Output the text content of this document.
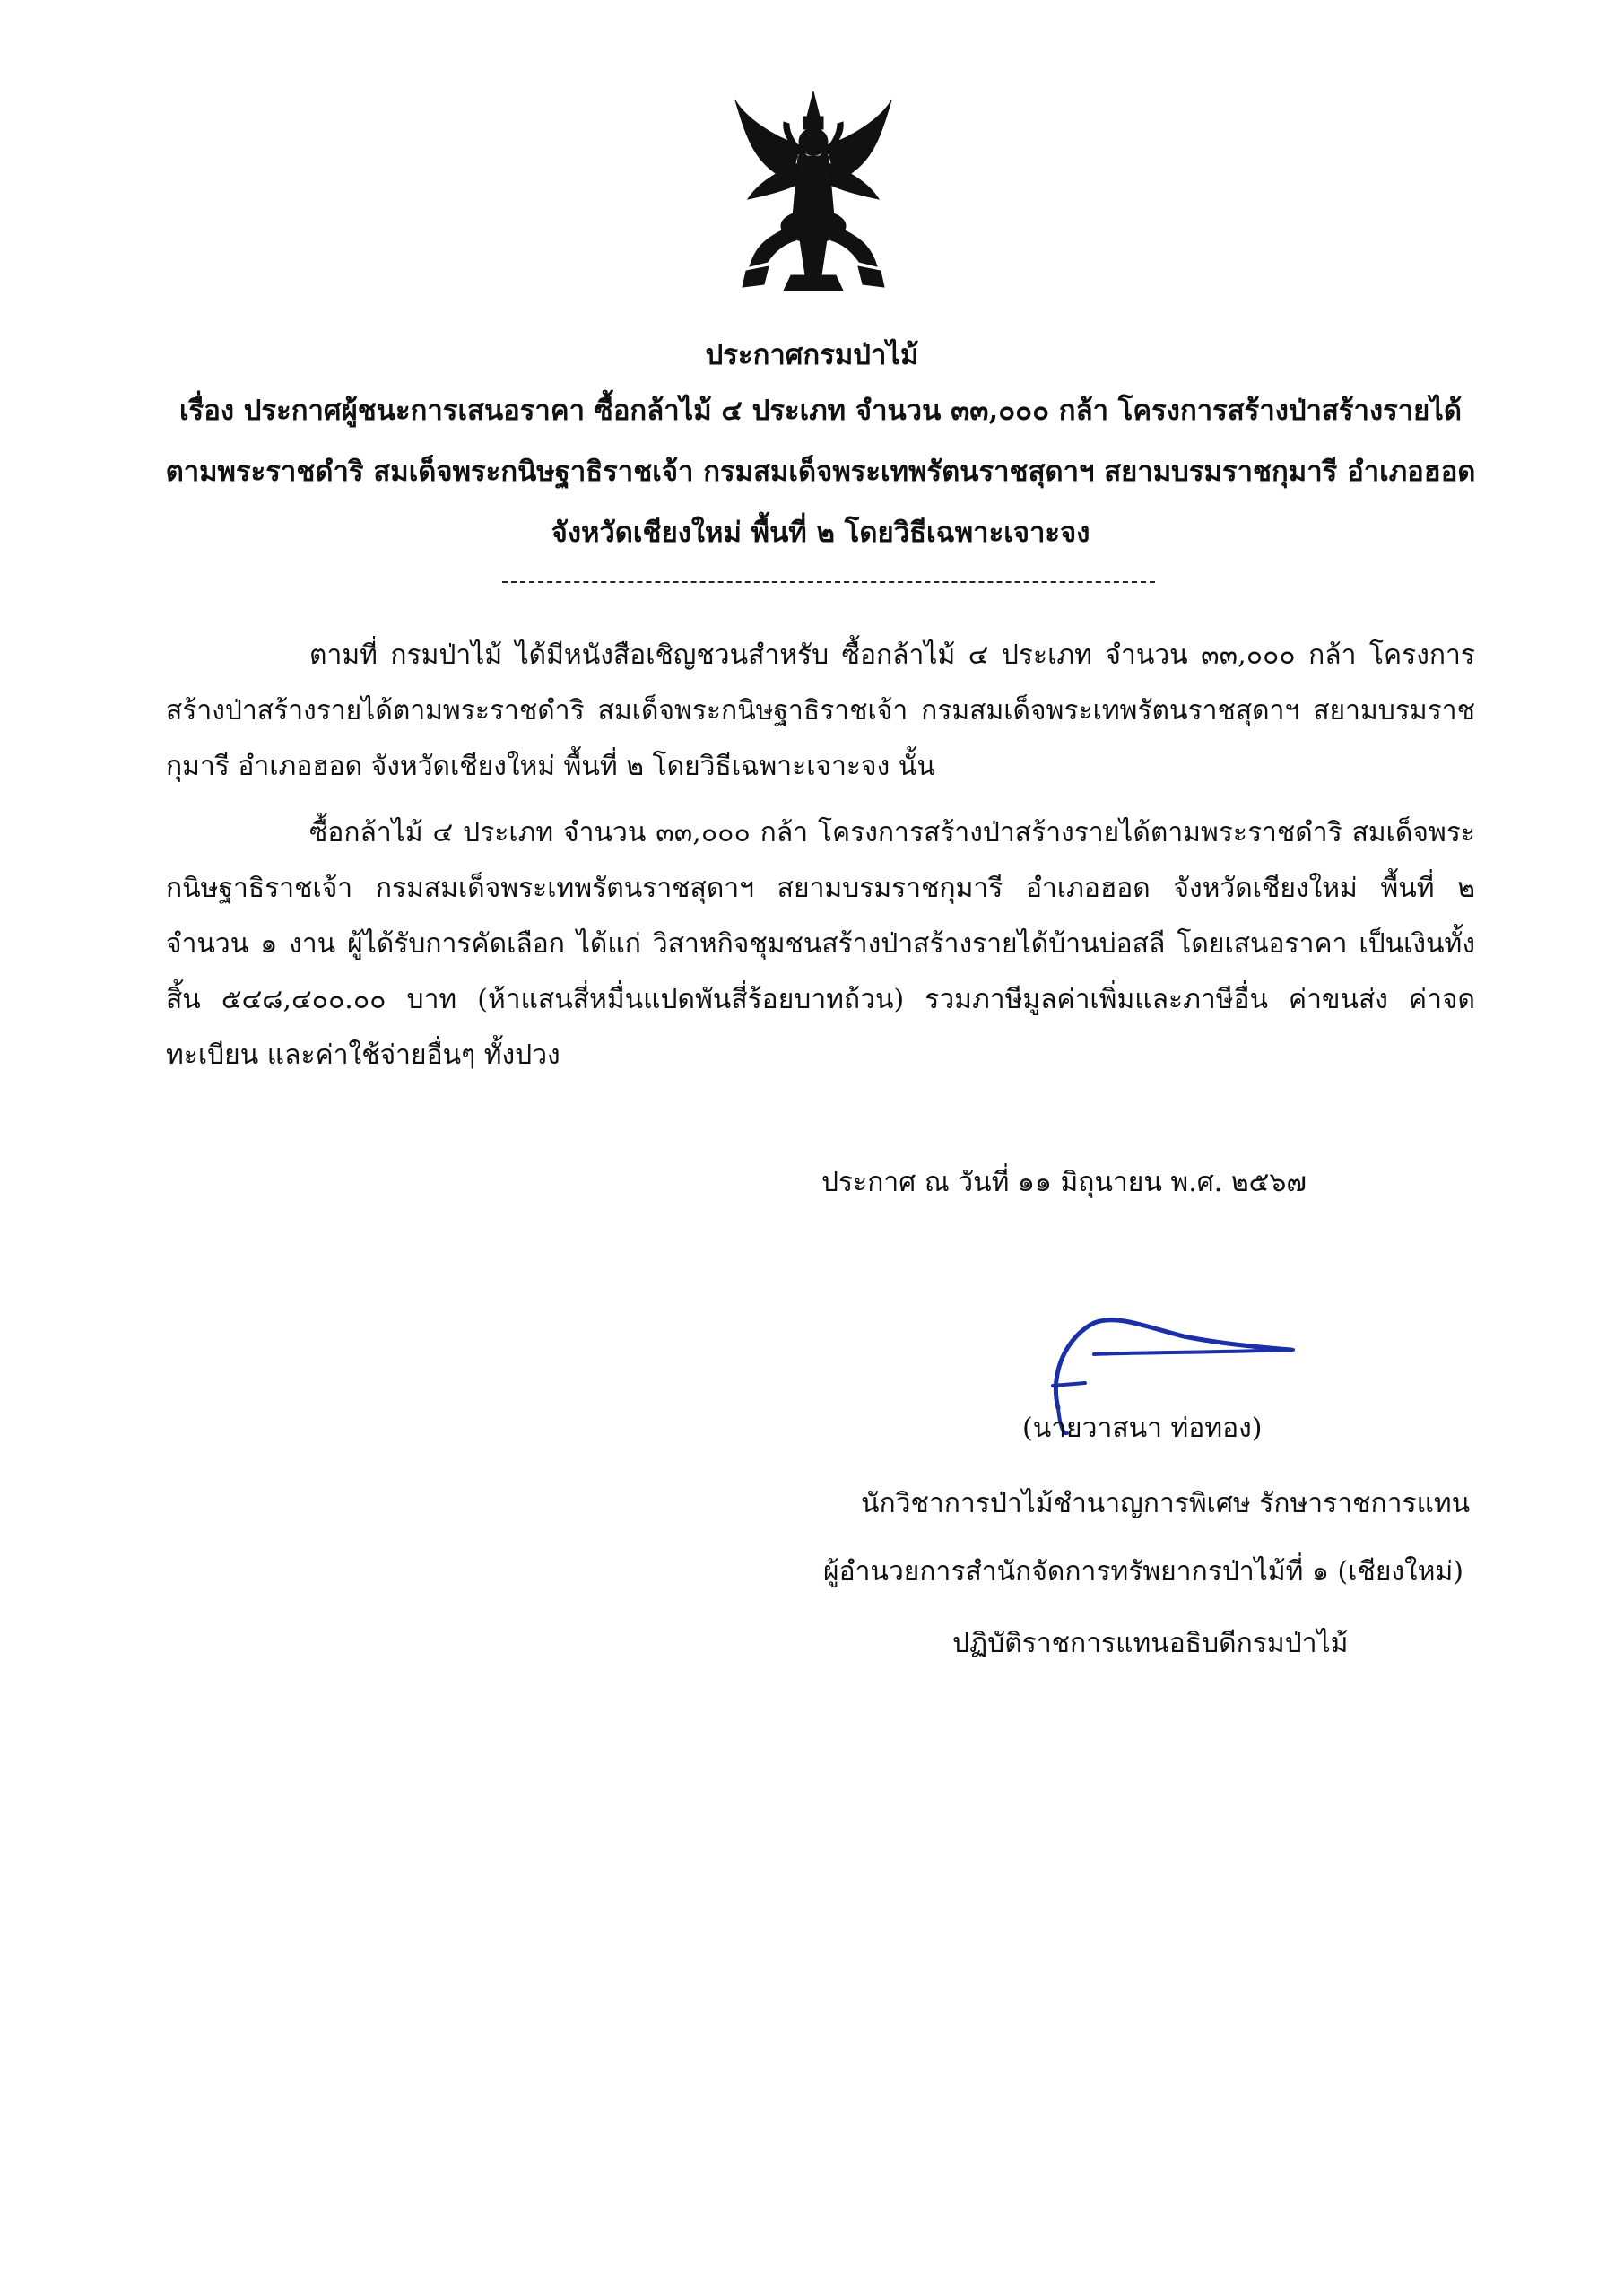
ประกาศกรมป่าไม้
เรื่อง ประกาศผู้ชนะการเสนอราคา ซื้อกล้าไม้ ๔ ประเภท จำนวน ๓๓,๐๐๐ กล้า โครงการสร้างป่าสร้างรายได้ตามพระราชดำริ สมเด็จพระกนิษฐาธิราชเจ้า กรมสมเด็จพระเทพรัตนราชสุดาฯ สยามบรมราชกุมารี อำเภอฮอด จังหวัดเชียงใหม่ พื้นที่ ๒ โดยวิธีเฉพาะเจาะจง
ตามที่ กรมป่าไม้ ได้มีหนังสือเชิญชวนสำหรับ ซื้อกล้าไม้ ๔ ประเภท จำนวน ๓๓,๐๐๐ กล้า โครงการสร้างป่าสร้างรายได้ตามพระราชดำริ สมเด็จพระกนิษฐาธิราชเจ้า กรมสมเด็จพระเทพรัตนราชสุดาฯ สยามบรมราชกุมารี อำเภอฮอด จังหวัดเชียงใหม่ พื้นที่ ๒ โดยวิธีเฉพาะเจาะจง นั้น
ซื้อกล้าไม้ ๔ ประเภท จำนวน ๓๓,๐๐๐ กล้า โครงการสร้างป่าสร้างรายได้ตามพระราชดำริ สมเด็จพระกนิษฐาธิราชเจ้า กรมสมเด็จพระเทพรัตนราชสุดาฯ สยามบรมราชกุมารี อำเภอฮอด จังหวัดเชียงใหม่ พื้นที่ ๒ จำนวน ๑ งาน ผู้ได้รับการคัดเลือก ได้แก่ วิสาหกิจชุมชนสร้างป่าสร้างรายได้บ้านบ่อสลี โดยเสนอราคา เป็นเงินทั้งสิ้น ๕๔๘,๔๐๐.๐๐ บาท (ห้าแสนสี่หมื่นแปดพันสี่ร้อยบาทถ้วน) รวมภาษีมูลค่าเพิ่มและภาษีอื่น ค่าขนส่ง ค่าจดทะเบียน และค่าใช้จ่ายอื่นๆ ทั้งปวง
ประกาศ ณ วันที่ ๑๑ มิถุนายน พ.ศ. ๒๕๖๗
(นายวาสนา ท่อทอง)
นักวิชาการป่าไม้ชำนาญการพิเศษ รักษาราชการแทน
ผู้อำนวยการสำนักจัดการทรัพยากรป่าไม้ที่ ๑ (เชียงใหม่)
ปฏิบัติราชการแทนอธิบดีกรมป่าไม้
